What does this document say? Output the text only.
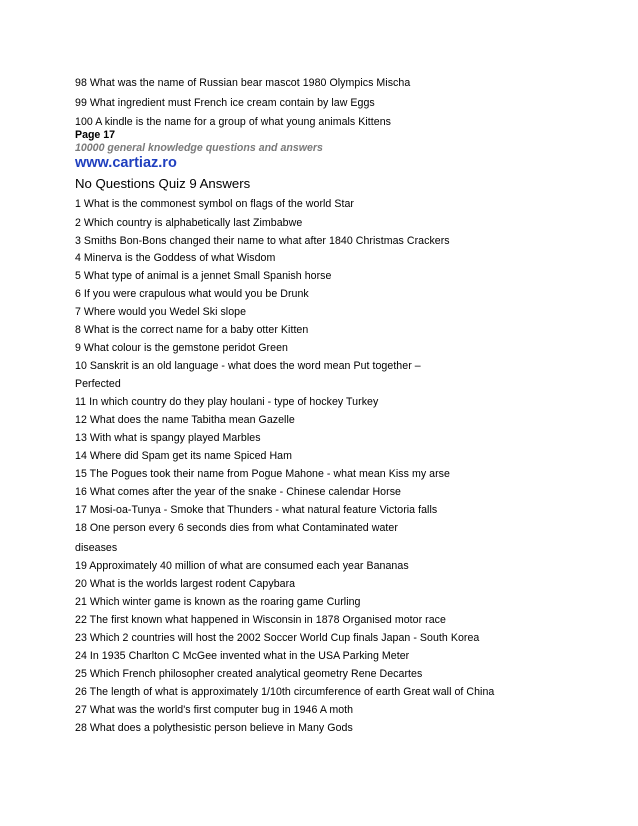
98 What was the name of Russian bear mascot 1980 Olympics Mischa
99 What ingredient must French ice cream contain by law Eggs
100 A kindle is the name for a group of what young animals Kittens
Page 17
10000 general knowledge questions and answers
www.cartiaz.ro
No Questions Quiz 9 Answers
1 What is the commonest symbol on flags of the world Star
2 Which country is alphabetically last Zimbabwe
3 Smiths Bon-Bons changed their name to what after 1840 Christmas Crackers
4 Minerva is the Goddess of what Wisdom
5 What type of animal is a jennet Small Spanish horse
6 If you were crapulous what would you be Drunk
7 Where would you Wedel Ski slope
8 What is the correct name for a baby otter Kitten
9 What colour is the gemstone peridot Green
10 Sanskrit is an old language - what does the word mean Put together –
Perfected
11 In which country do they play houlani - type of hockey Turkey
12 What does the name Tabitha mean Gazelle
13 With what is spangy played Marbles
14 Where did Spam get its name Spiced Ham
15 The Pogues took their name from Pogue Mahone - what mean Kiss my arse
16 What comes after the year of the snake - Chinese calendar Horse
17 Mosi-oa-Tunya - Smoke that Thunders - what natural feature Victoria falls
18 One person every 6 seconds dies from what Contaminated water
diseases
19 Approximately 40 million of what are consumed each year Bananas
20 What is the worlds largest rodent Capybara
21 Which winter game is known as the roaring game Curling
22 The first known what happened in Wisconsin in 1878 Organised motor race
23 Which 2 countries will host the 2002 Soccer World Cup finals Japan - South Korea
24 In 1935 Charlton C McGee invented what in the USA Parking Meter
25 Which French philosopher created analytical geometry Rene Decartes
26 The length of what is approximately 1/10th circumference of earth Great wall of China
27 What was the world's first computer bug in 1946 A moth
28 What does a polythesistic person believe in Many Gods
